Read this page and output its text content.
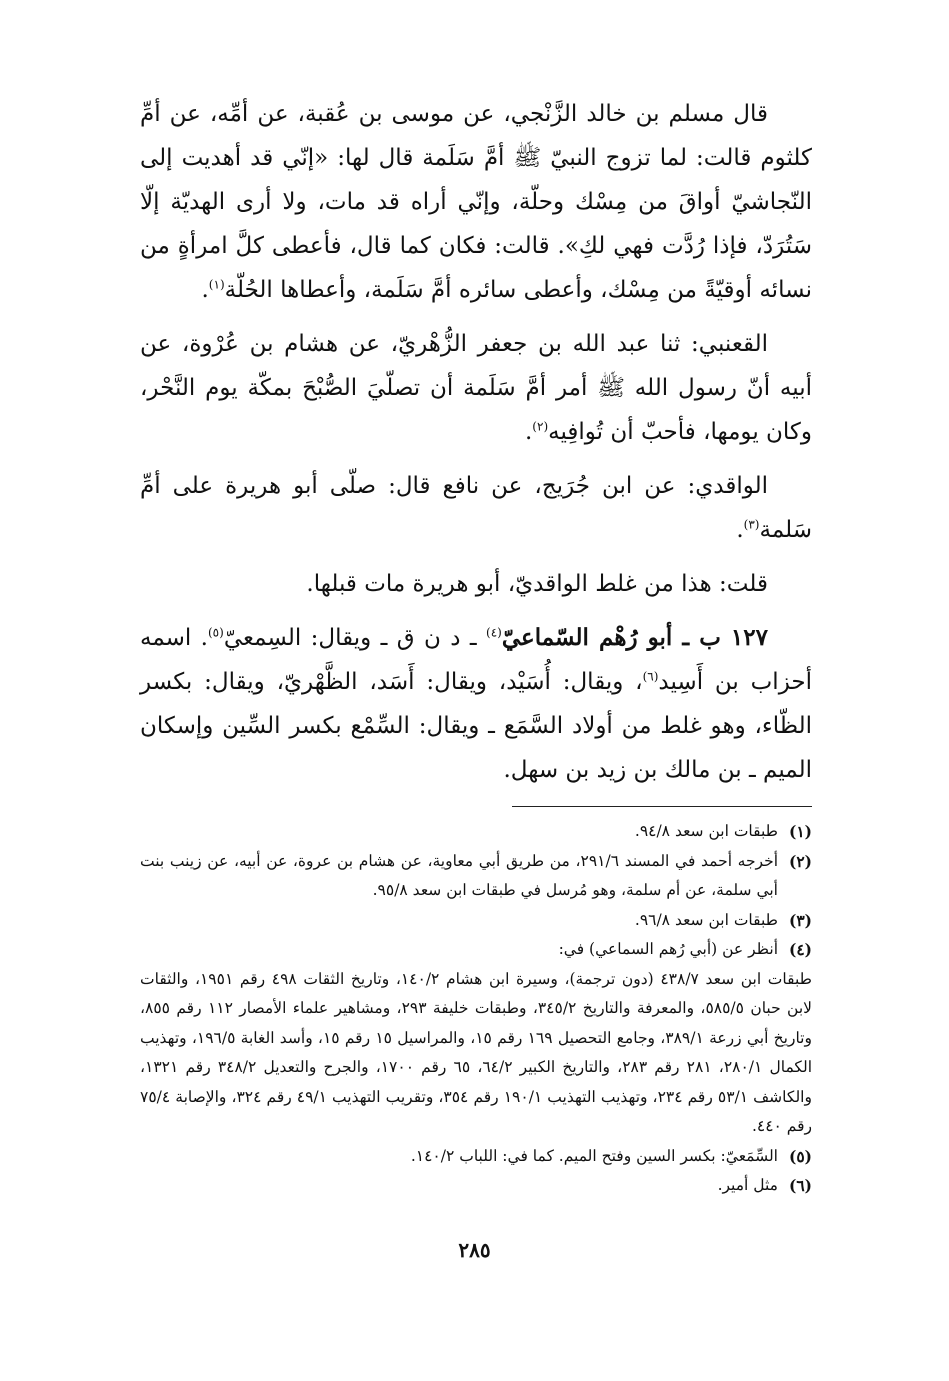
قال مسلم بن خالد الزَّنْجي، عن موسى بن عُقبة، عن أمِّه، عن أمِّ كلثوم قالت: لما تزوج النبيّ ﷺ أمَّ سَلَمة قال لها: «إنّي قد أهديت إلى النّجاشيّ أواقَ من مِسْك وحلّة، وإنّي أراه قد مات، ولا أرى الهديّة إلّا سَتُرَدّ، فإذا رُدَّت فهي لكِ». قالت: فكان كما قال، فأعطى كلَّ امرأةٍ من نسائه أوقيّةً من مِسْك، وأعطى سائره أمَّ سَلَمة، وأعطاها الحُلّة$^{(١)}$.

القعنبي: ثنا عبد الله بن جعفر الزُّهْريّ، عن هشام بن عُرْوة، عن أبيه أنّ رسول الله ﷺ أمر أمَّ سَلَمة أن تصلّيَ الصُّبْحَ بمكّة يوم النَّحْر، وكان يومها، فأحبّ أن تُوافِيه$^{(٢)}$.

الواقدي: عن ابن جُرَيج، عن نافع قال: صلّى أبو هريرة على أمِّ سَلمة$^{(٣)}$.

قلت: هذا من غلط الواقديّ، أبو هريرة مات قبلها.

١٢٧ ب ـ أبو رُهْم السّماعيّ$^{(٤)}$ ـ د ن ق ـ ويقال: السِمعيّ$^{(٥)}$. اسمه أحزاب بن أَسِيد$^{(٦)}$، ويقال: أُسَيْد، ويقال: أَسَد، الظَّهْريّ، ويقال: بكسر الظّاء، وهو غلط من أولاد السَّمَع ـ ويقال: السِّمْع بكسر السِّين وإسكان الميم ـ بن مالك بن زيد بن سهل.

(١)
طبقات ابن سعد ٩٤/٨.
(٢)
أخرجه أحمد في المسند ٢٩١/٦، من طريق أبي معاوية، عن هشام بن عروة، عن أبيه، عن زينب بنت أبي سلمة، عن أم سلمة، وهو مُرسل في طبقات ابن سعد ٩٥/٨.
(٣)
طبقات ابن سعد ٩٦/٨.
(٤)
أنظر عن (أبي رُهم السماعي) في:
طبقات ابن سعد ٤٣٨/٧ (دون ترجمة)، وسيرة ابن هشام ١٤٠/٢، وتاريخ الثقات ٤٩٨ رقم ١٩٥١، والثقات لابن حبان ٥٨٥/٥، والمعرفة والتاريخ ٣٤٥/٢، وطبقات خليفة ٢٩٣، ومشاهير علماء الأمصار ١١٢ رقم ٨٥٥، وتاريخ أبي زرعة ٣٨٩/١، وجامع التحصيل ١٦٩ رقم ١٥، والمراسيل ١٥ رقم ١٥، وأسد الغابة ١٩٦/٥، وتهذيب الكمال ٢٨٠/١، ٢٨١ رقم ٢٨٣، والتاريخ الكبير ٦٤/٢، ٦٥ رقم ١٧٠٠، والجرح والتعديل ٣٤٨/٢ رقم ١٣٢١، والكاشف ٥٣/١ رقم ٢٣٤، وتهذيب التهذيب ١٩٠/١ رقم ٣٥٤، وتقريب التهذيب ٤٩/١ رقم ٣٢٤، والإصابة ٧٥/٤ رقم ٤٤٠.
(٥)
السِّمَعيّ: بكسر السين وفتح الميم. كما في: اللباب ١٤٠/٢.
(٦)
مثل أمير.
٢٨٥
